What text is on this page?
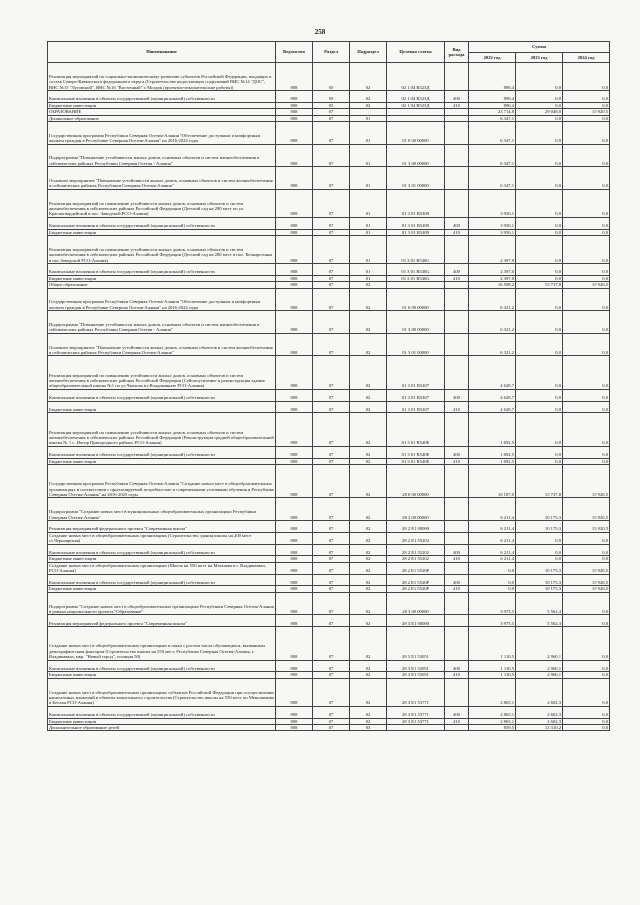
258
Наименование	Ведомство	Раздел	Подраздел	Целевая статья	Вид расхода	Сумма		
						2022 год	2023 год	2024 год
Реализация мероприятий по социально-экономическому развитию субъектов Российской Федерации, входящих в состав Северо-Кавказского федерального округа (Строительство недостающих сооружений ВНС №14 "ДОС", ВНС №15 "Луговской", ВНС №16 "Восточный" г. Моздок (проектно-изыскательские работы))	808	05	02	02 1 04 R523Д		890,4	0,0	0,0
Капитальные вложения в объекты государственной (муниципальной) собственности	808	05	02	02 1 04 R523Д	400	890,4	0,0	0,0
Бюджетные инвестиции	808	05	02	02 1 04 R523Д	410	890,4	0,0	0,0
ОБРАЗОВАНИЕ	808	07				23 714,8	29 048,0	15 920,5
Дошкольное образование	808	07	01			6 347,1	0,0	0,0
Государственная программа Республики Северная Осетия-Алания "Обеспечение доступным и комфортным жильем граждан в Республике Северная Осетия-Алания" на 2016-2024 годы	808	07	01	01 0 00 00000		6 347,1	0,0	0,0
Подпрограмма "Повышение устойчивости жилых домов, основных объектов и систем жизнеобеспечения в сейсмических районах Республики Северная Осетия - Алания"	808	07	01	01 3 00 00000		6 347,1	0,0	0,0
Основное мероприятие "Повышение устойчивости жилых домов, основных объектов и систем жизнеобеспечения в сейсмических районах Республики Северная Осетия-Алания"	808	07	01	01 3 01 00000		6 347,1	0,0	0,0
Реализация мероприятий по повышению устойчивости жилых домов, основных объектов и систем жизнеобеспечения в сейсмических районах Российской Федерации (Детский сад на 280 мест по ул. Красногвардейской в пос. Заводской РСО-Алания)	808	07	01	01 3 01 R5409		3 950,1	0,0	0,0
Капитальные вложения в объекты государственной (муниципальной) собственности	808	07	01	01 3 01 R5409	400	3 950,1	0,0	0,0
Бюджетные инвестиции	808	07	01	01 3 01 R5409	410	3 950,1	0,0	0,0
Реализация мероприятий по повышению устойчивости жилых домов, основных объектов и систем жизнеобеспечения в сейсмических районах Российской Федерации (Детский сад на 280 мест в пос. Кочкарсгинка в пос.Заводской РСО-Алания)	808	07	01	01 3 01 R540G		2 397,0	0,0	0,0
Капитальные вложения в объекты государственной (муниципальной) собственности	808	07	01	01 3 01 R540G	400	2 397,0	0,0	0,0
Бюджетные инвестиции	808	07	01	01 3 01 R540G	410	2 397,0	0,0	0,0
Общее образование	808	07	02			16 508,2	15 737,8	15 920,5
Государственная программа Республики Северная Осетия-Алания "Обеспечение доступным и комфортным жильем граждан в Республике Северная Осетия-Алания" на 2016-2024 годы	808	07	02	01 0 00 00000		6 321,2	0,0	0,0
Подпрограмма "Повышение устойчивости жилых домов, основных объектов и систем жизнеобеспечения в сейсмических районах Республики Северная Осетия - Алания"	808	07	02	01 3 00 00000		6 321,2	0,0	0,0
Основное мероприятие "Повышение устойчивости жилых домов, основных объектов и систем жизнеобеспечения в сейсмических районах Республики Северная Осетия-Алания"	808	07	02	01 3 01 00000		6 321,2	0,0	0,0
Реализация мероприятий по повышению устойчивости жилых домов, основных объектов и систем жизнеобеспечения в сейсмических районах Российской Федерации (Сейсмоусиление и реконструкция здания общеобразовательной школы №1 по ул.Чкалова в г.Владикавказе РСО-Алания)	808	07	02	01 3 01 R5407		4 628,7	0,0	0,0
Капитальные вложения в объекты государственной (муниципальной) собственности	808	07	02	01 3 01 R5407	400	4 628,7	0,0	0,0
Бюджетные инвестиции	808	07	02	01 3 01 R5407	410	4 628,7	0,0	0,0
Реализация мероприятий по повышению устойчивости жилых домов, основных объектов и систем жизнеобеспечения в сейсмических районах Российской Федерации (Реконструкция средней общеобразовательной школы № 1 с. Ногир Пригородного района, РСО-Алания)	808	07	02	01 3 01 R540E		1 692,5	0,0	0,0
Капитальные вложения в объекты государственной (муниципальной) собственности	808	07	02	01 3 01 R540E	400	1 692,5	0,0	0,0
Бюджетные инвестиции	808	07	02	01 3 01 R540E	410	1 692,5	0,0	0,0
Государственная программа Республики Северная Осетия-Алания "Создание новых мест в общеобразовательных организациях в соответствии с прогнозируемой потребностью и современными условиями обучения в Республике Северная Осетия-Алания" на 2016-2025 годы	808	07	02	28 0 00 00000		10 187,0	15 737,8	15 920,5
Подпрограмма "Создание новых мест в муниципальных общеобразовательных организациях Республики Северная Осетия-Алания"	808	07	02	28 2 00 00000		6 211,4	10 175,3	15 920,5
Реализация мероприятий федерального проекта "Современная школа"	808	07	02	28 2 E1 00000		6 211,4	10 175,3	15 920,5
Создание новых мест в общеобразовательных организациях (Строительство здания школы на 200 мест ст.Черноярская)	808	07	02	28 2 E1 55202		6 211,4	0,0	0,0
Капитальные вложения в объекты государственной (муниципальной) собственности	808	07	02	28 2 E1 55202	400	6 211,4	0,0	0,0
Бюджетные инвестиции	808	07	02	28 2 E1 55202	410	6 211,4	0,0	0,0
Создание новых мест в общеобразовательных организациях (Школа на 550 мест на Магкаева в г. Владикавказ, РСО-Алания)	808	07	02	28 2 E1 5520P		0,0	10 175,3	15 920,5
Капитальные вложения в объекты государственной (муниципальной) собственности	808	07	02	28 2 E1 5520P	400	0,0	10 175,3	15 920,5
Бюджетные инвестиции	808	07	02	28 2 E1 5520P	410	0,0	10 175,3	15 920,5
Подпрограмма "Создание новых мест в общеобразовательных организациях Республики Северная Осетия-Алания в рамках национального проекта "Образование"	808	07	02	28 3 00 00000		3 975,5	5 562,4	0,0
Реализация мероприятий федерального проекта "Современная школа"	808	07	02	28 3 E1 00000		3 975,5	5 562,4	0,0
Создание новых мест в общеобразовательных организациях в связи с ростом числа обучающихся, вызванным демографическим фактором (Строительство школы на 550 мест, Республика Северная Осетия-Алания, г. Владикавказ, мкр. "Новый город", позиция 50)	808	07	02	28 3 E1 53051		1 110,5	2 960,1	0,0
Капитальные вложения в объекты государственной (муниципальной) собственности	808	07	02	28 3 E1 53051	400	1 110,5	2 960,1	0,0
Бюджетные инвестиции	808	07	02	28 3 E1 53051	410	1 110,5	2 960,1	0,0
Создание новых мест в общеобразовательных организациях субъектов Российской Федерации при осуществлении капитальных вложений в объекты капитального строительства (Строительство школы на 550 мест по Меньшикова в Беслан РСО-Алания)	808	07	02	28 3 E1 53771		2 865,1	2 602,3	0,0
Капитальные вложения в объекты государственной (муниципальной) собственности	808	07	02	28 3 E1 53771	400	2 865,1	2 602,3	0,0
Бюджетные инвестиции	808	07	02	28 3 E1 53771	410	2 865,1	2 602,3	0,0
Дополнительное образование детей	808	07	03			859,5	13 310,2	0,0
